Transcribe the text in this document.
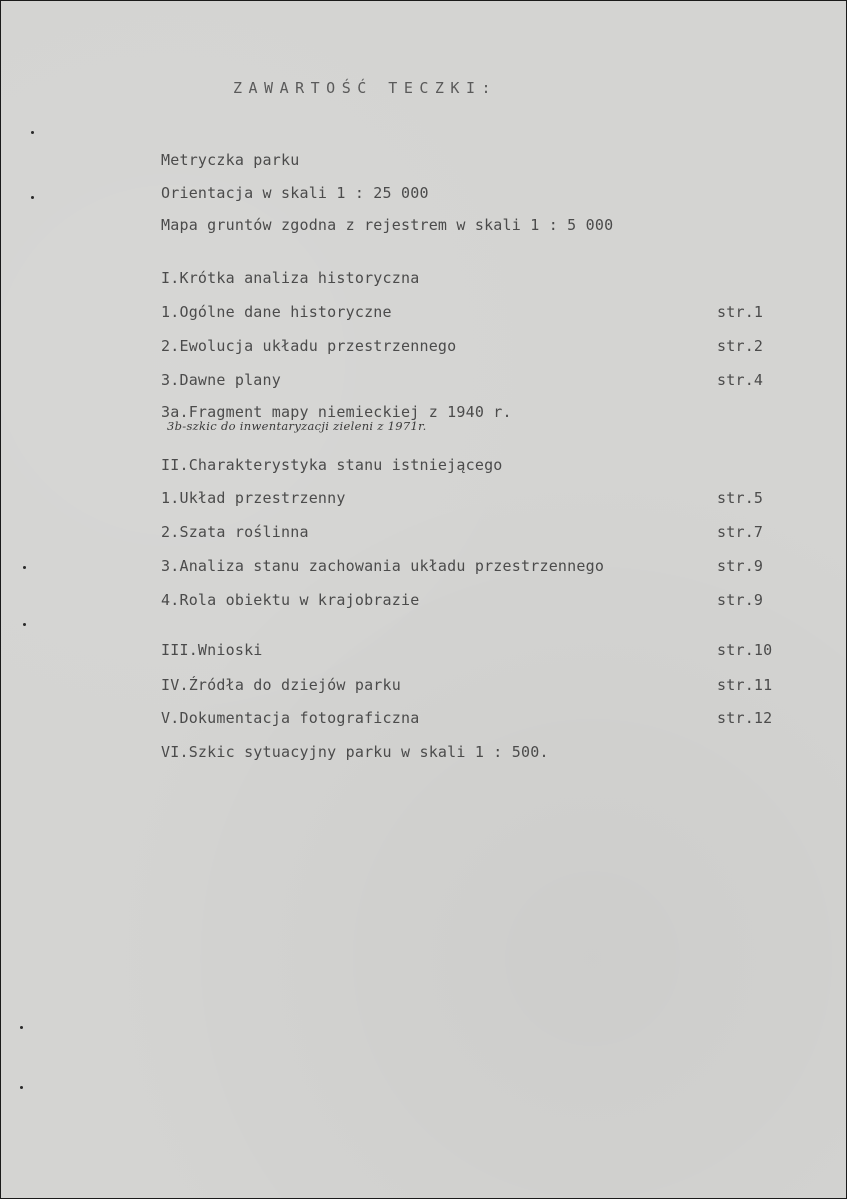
ZAWARTOŚĆ TECZKI:
Metryczka parku
Orientacja w skali 1 : 25 000
Mapa gruntów zgodna z rejestrem w skali 1 : 5 000
I.Krótka analiza historyczna
1.Ogólne dane historyczne	str.1
2.Ewolucja układu przestrzennego	str.2
3.Dawne plany	str.4
3a.Fragment mapy niemieckiej z 1940 r.
3b-szkic do inwentaryzacji zieleni z 1971r.
II.Charakterystyka stanu istniejącego
1.Układ przestrzenny	str.5
2.Szata roślinna	str.7
3.Analiza stanu zachowania układu przestrzennego	str.9
4.Rola obiektu w krajobrazie	str.9
III.Wnioski	str.10
IV.Źródła do dziejów parku	str.11
V.Dokumentacja fotograficzna	str.12
VI.Szkic sytuacyjny parku w skali 1 : 500.
